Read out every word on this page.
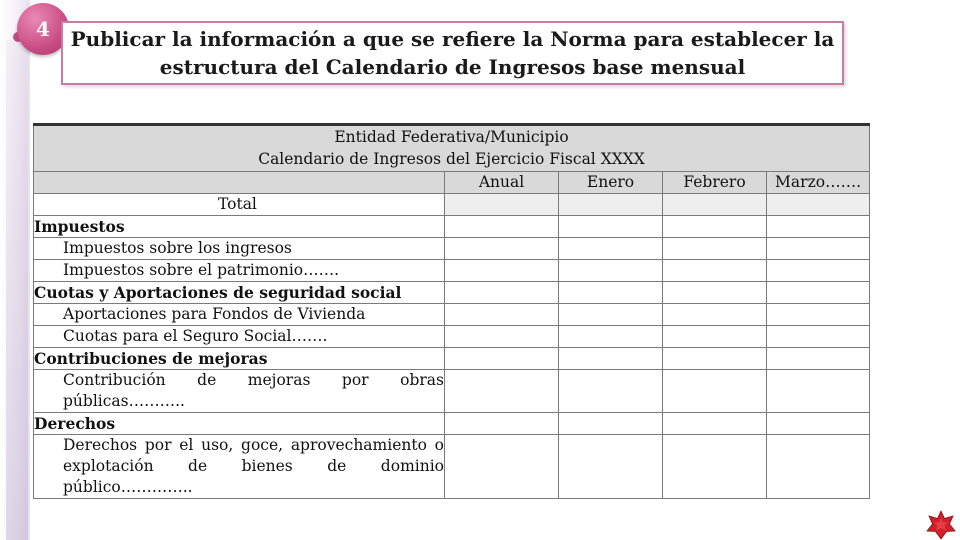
4 Publicar la información a que se refiere la Norma para establecer la
estructura del Calendario de Ingresos base mensual
Entidad Federativa/Municipio
Calendario de Ingresos del Ejercicio Fiscal XXXX				

	Anual	Enero	Febrero	Marzo…….
Total				
Impuestos				
Impuestos sobre los ingresos				
Impuestos sobre el patrimonio…….				
Cuotas y Aportaciones de seguridad social				
Aportaciones para Fondos de Vivienda				
Cuotas para el Seguro Social…….				
Contribuciones de mejoras				
Contribución de mejoras por obras públicas………..				
Derechos				
Derechos por el uso, goce, aprovechamiento o explotación de bienes de dominio público…………..				
